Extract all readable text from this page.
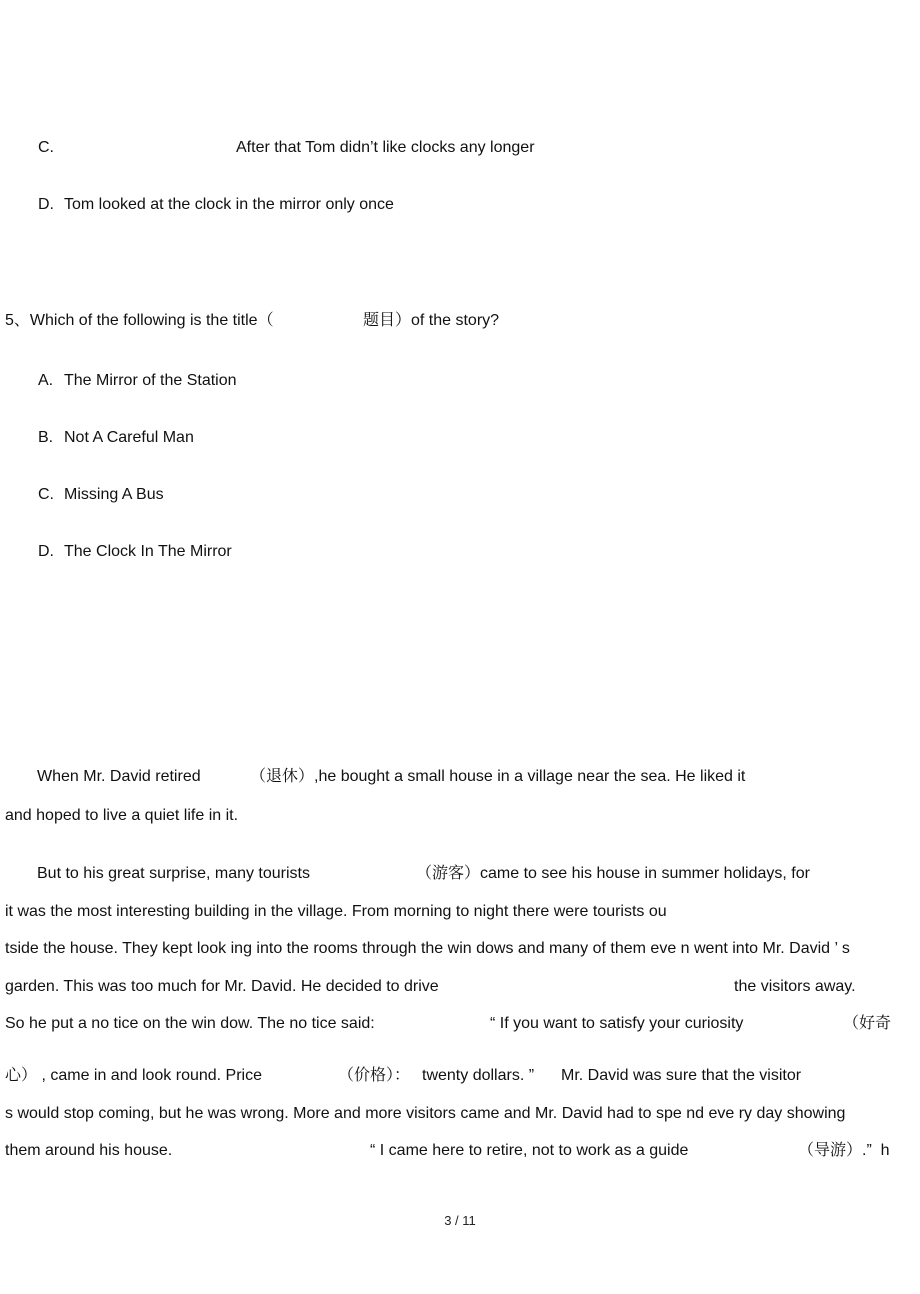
C.	After that Tom didn’t like clocks any longer
D. Tom looked at the clock in the mirror only once
5、Which of the following is the title（	题目）of the story?
A. The Mirror of the Station
B. Not A Careful Man
C. Missing A Bus
D. The Clock In The Mirror
When Mr. David retired	（退休）,he bought a small house in a village near the sea. He liked it
and hoped to live a quiet life in it.
But to his great surprise, many tourists	（游客）came to see his house in summer holidays, for
it was the most interesting building in the village. From morning to night there were tourists ou
tside the house. They kept look ing into the rooms through the win dows and many of them eve n went into Mr. David ’ s
garden. This was too much for Mr. David. He decided to drive	the visitors away.
So he put a no tice on the win dow. The no tice said:	“ If you want to satisfy your curiosity	（好奇
心） , came in and look round. Price	（价格）： twenty dollars. ” Mr. David was sure that the visitor
s would stop coming, but he was wrong. More and more visitors came and Mr. David had to spe nd eve ry day showing
them around his house.	“ I came here to retire, not to work as a guide	（导游）.”  h
3 / 11
